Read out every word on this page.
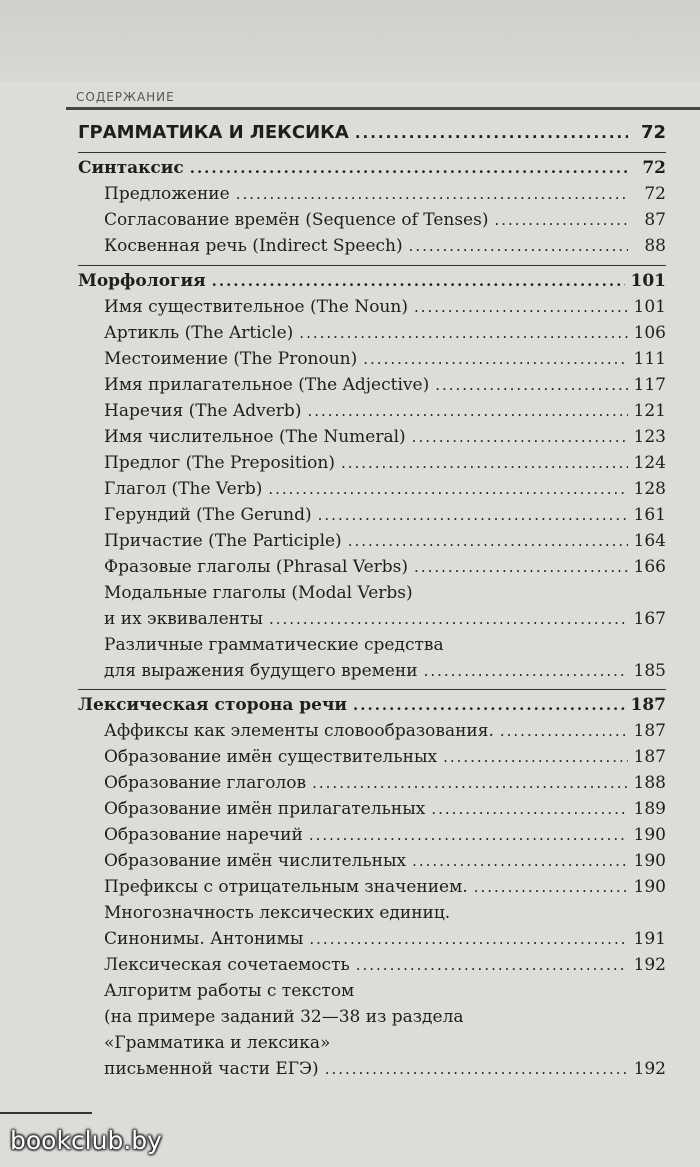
СОДЕРЖАНИЕ
ГРАММАТИКА И ЛЕКСИКА .....	72
Синтаксис .....	72
Предложение .....	72
Согласование времён (Sequence of Tenses) .....	87
Косвенная речь (Indirect Speech) .....	88
Морфология .....	101
Имя существительное (The Noun) .....	101
Артикль (The Article) .....	106
Местоимение (The Pronoun) .....	111
Имя прилагательное (The Adjective) .....	117
Наречия (The Adverb) .....	121
Имя числительное (The Numeral) .....	123
Предлог (The Preposition) .....	124
Глагол (The Verb) .....	128
Герундий (The Gerund) .....	161
Причастие (The Participle) .....	164
Фразовые глаголы (Phrasal Verbs) .....	166
Модальные глаголы (Modal Verbs)
и их эквиваленты .....	167
Различные грамматические средства
для выражения будущего времени .....	185
Лексическая сторона речи .....	187
Аффиксы как элементы словообразования. .....	187
Образование имён существительных .....	187
Образование глаголов .....	188
Образование имён прилагательных .....	189
Образование наречий .....	190
Образование имён числительных .....	190
Префиксы с отрицательным значением. .....	190
Многозначность лексических единиц.
Синонимы. Антонимы .....	191
Лексическая сочетаемость .....	192
Алгоритм работы с текстом
(на примере заданий 32—38 из раздела
«Грамматика и лексика»
письменной части ЕГЭ) .....	192
bookclub.by
